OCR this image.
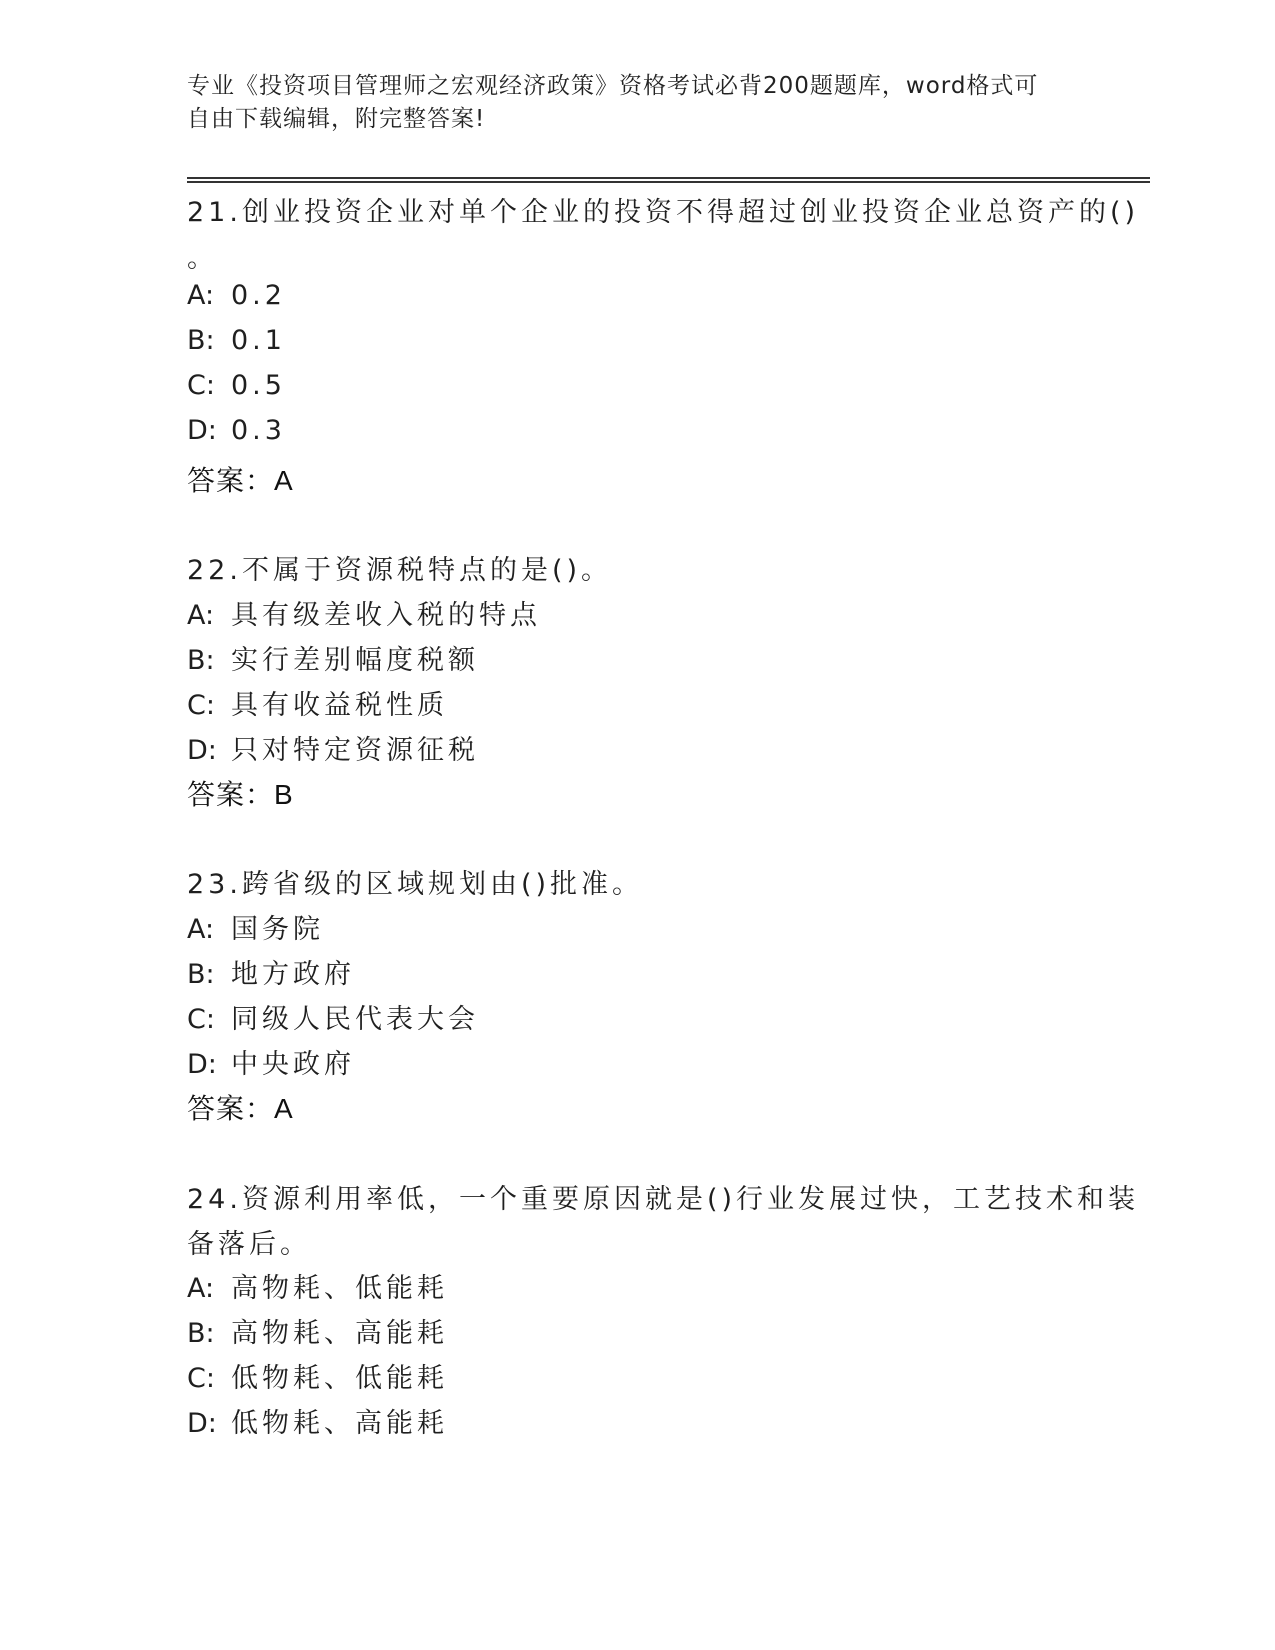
专业《投资项目管理师之宏观经济政策》资格考试必背200题题库，word格式可
自由下载编辑，附完整答案!
21.创业投资企业对单个企业的投资不得超过创业投资企业总资产的()
。
A: 0.2
B: 0.1
C: 0.5
D: 0.3
答案：A
22.不属于资源税特点的是()。
A: 具有级差收入税的特点
B: 实行差别幅度税额
C: 具有收益税性质
D: 只对特定资源征税
答案：B
23.跨省级的区域规划由()批准。
A: 国务院
B: 地方政府
C: 同级人民代表大会
D: 中央政府
答案：A
24.资源利用率低，一个重要原因就是()行业发展过快，工艺技术和装
备落后。
A: 高物耗、低能耗
B: 高物耗、高能耗
C: 低物耗、低能耗
D: 低物耗、高能耗
